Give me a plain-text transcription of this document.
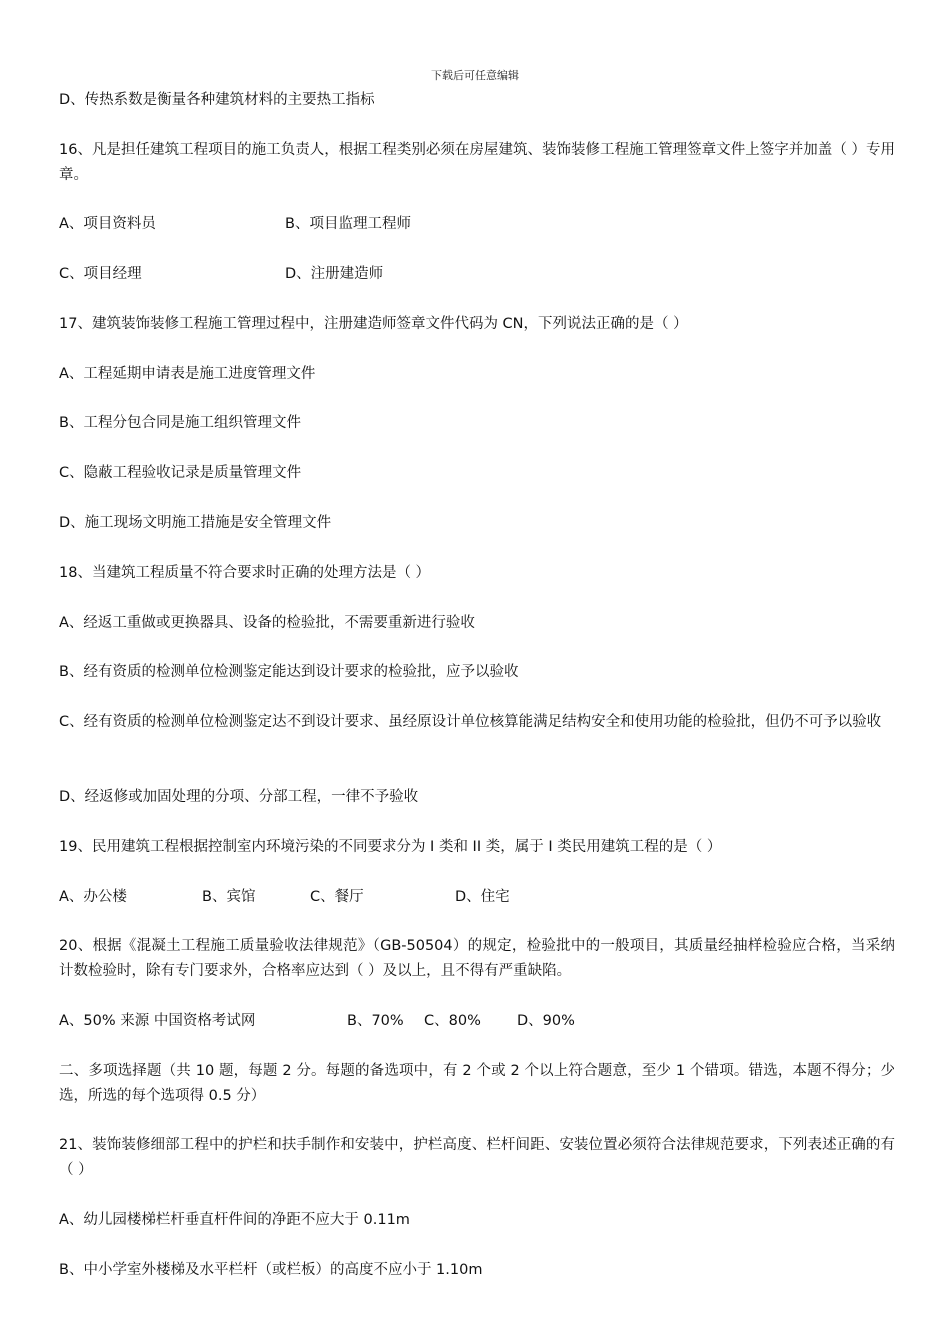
下载后可任意编辑
D、传热系数是衡量各种建筑材料的主要热工指标
16、凡是担任建筑工程项目的施工负责人，根据工程类别必须在房屋建筑、装饰装修工程施工管理签章文件上签字并加盖（ ）专用章。
A、项目资料员	B、项目监理工程师
C、项目经理	D、注册建造师
17、建筑装饰装修工程施工管理过程中，注册建造师签章文件代码为 CN，下列说法正确的是（ ）
A、工程延期申请表是施工进度管理文件
B、工程分包合同是施工组织管理文件
C、隐蔽工程验收记录是质量管理文件
D、施工现场文明施工措施是安全管理文件
18、当建筑工程质量不符合要求时正确的处理方法是（ ）
A、经返工重做或更换器具、设备的检验批，不需要重新进行验收
B、经有资质的检测单位检测鉴定能达到设计要求的检验批，应予以验收
C、经有资质的检测单位检测鉴定达不到设计要求、虽经原设计单位核算能满足结构安全和使用功能的检验批，但仍不可予以验收
D、经返修或加固处理的分项、分部工程，一律不予验收
19、民用建筑工程根据控制室内环境污染的不同要求分为 I 类和 II 类，属于 I 类民用建筑工程的是（ ）
A、办公楼	B、宾馆	C、餐厅	D、住宅
20、根据《混凝土工程施工质量验收法律规范》（GB-50504）的规定，检验批中的一般项目，其质量经抽样检验应合格，当采纳计数检验时，除有专门要求外，合格率应达到（ ）及以上，且不得有严重缺陷。
A、50% 来源 中国资格考试网	B、70% C、80% D、90%
二、多项选择题（共 10 题，每题 2 分。每题的备选项中，有 2 个或 2 个以上符合题意，至少 1 个错项。错选，本题不得分；少选，所选的每个选项得 0.5 分）
21、装饰装修细部工程中的护栏和扶手制作和安装中，护栏高度、栏杆间距、安装位置必须符合法律规范要求，下列表述正确的有（ ）
A、幼儿园楼梯栏杆垂直杆件间的净距不应大于 0.11m
B、中小学室外楼梯及水平栏杆（或栏板）的高度不应小于 1.10m
